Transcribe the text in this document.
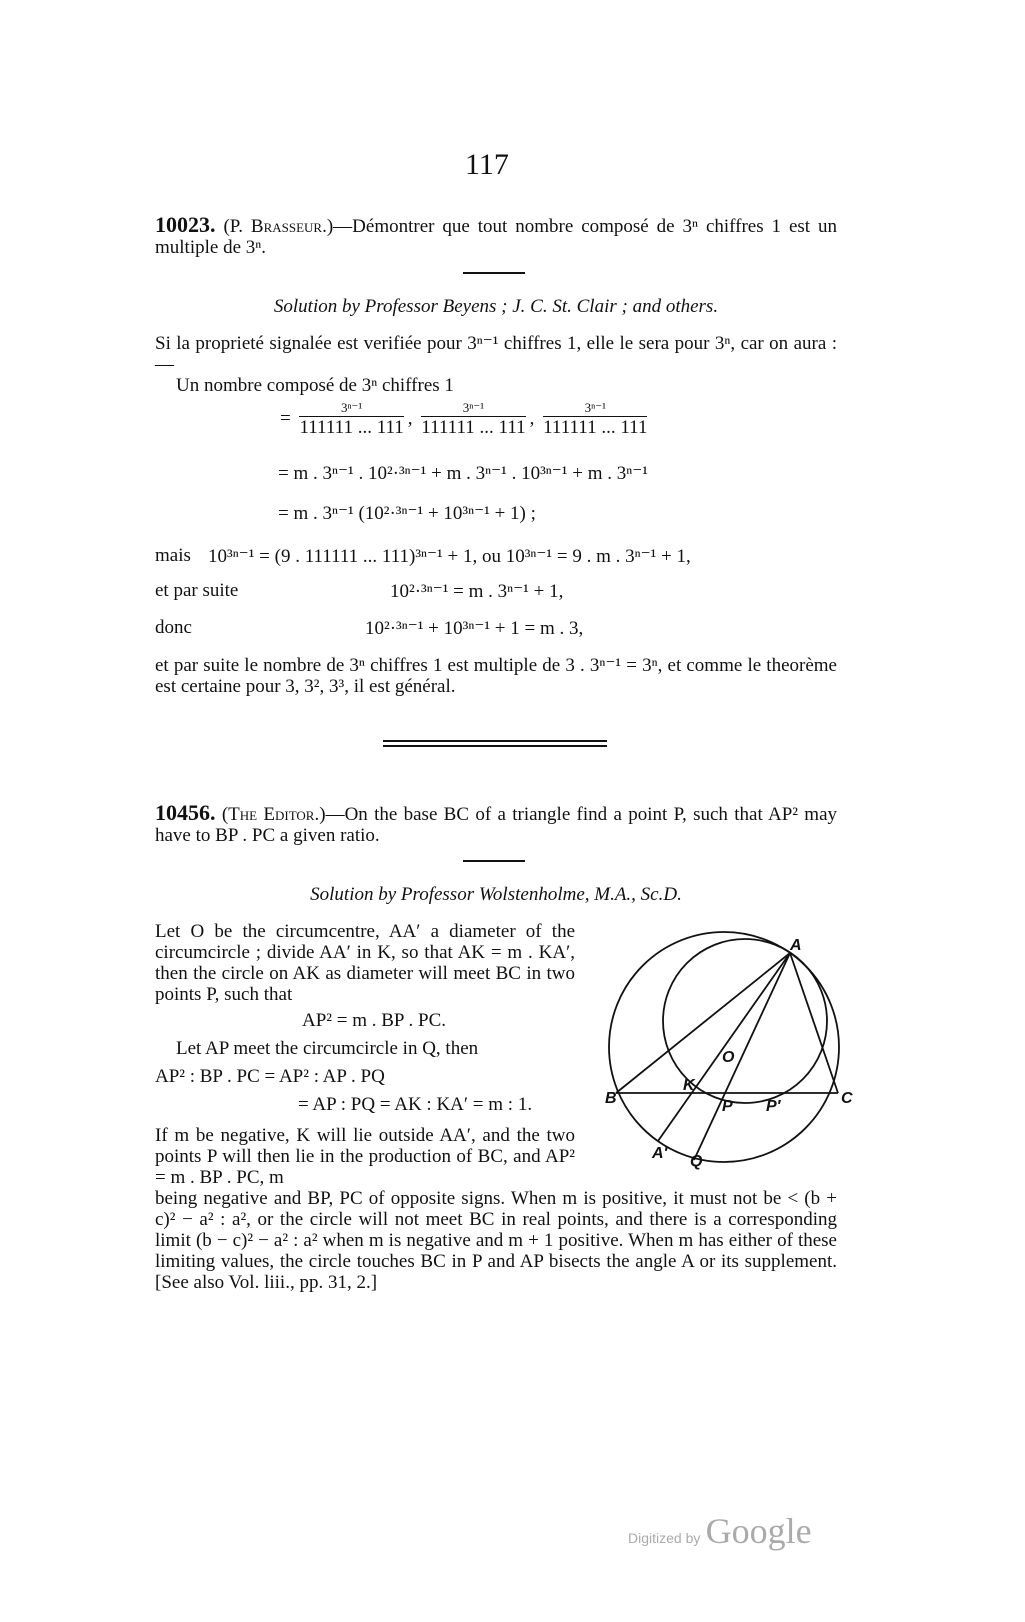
117
10023. (P. Brasseur.)—Démontrer que tout nombre composé de 3ⁿ chiffres 1 est un multiple de 3ⁿ.
Solution by Professor Beyens ; J. C. St. Clair ; and others.
Si la proprieté signalée est verifiée pour 3ⁿ⁻¹ chiffres 1, elle le sera pour 3ⁿ, car on aura :—
Un nombre composé de 3ⁿ chiffres 1
= $\frac{\text{3ⁿ⁻¹}}{111111 ... 111}$ , $\frac{\text{3ⁿ⁻¹}}{111111 ... 111}$ , $\frac{\text{3ⁿ⁻¹}}{111111 ... 111}$
= m . 3ⁿ⁻¹ . 10²·³ⁿ⁻¹ + m . 3ⁿ⁻¹ . 10³ⁿ⁻¹ + m . 3ⁿ⁻¹
= m . 3ⁿ⁻¹ (10²·³ⁿ⁻¹ + 10³ⁿ⁻¹ + 1) ;
mais 10³ⁿ⁻¹ = (9 . 111111 ... 111)³ⁿ⁻¹ + 1, ou 10³ⁿ⁻¹ = 9 . m . 3ⁿ⁻¹ + 1,
et par suite	10²·³ⁿ⁻¹ = m . 3ⁿ⁻¹ + 1,
donc	10²·³ⁿ⁻¹ + 10³ⁿ⁻¹ + 1 = m . 3,
et par suite le nombre de 3ⁿ chiffres 1 est multiple de 3 . 3ⁿ⁻¹ = 3ⁿ, et comme le theorème est certaine pour 3, 3², 3³, il est général.
10456. (The Editor.)—On the base BC of a triangle find a point P, such that AP² may have to BP . PC a given ratio.
Solution by Professor Wolstenholme, M.A., Sc.D.
Let O be the circumcentre, AA′ a diameter of the circumcircle ; divide AA′ in K, so that AK = m . KA′, then the circle on AK as diameter will meet BC in two points P, such that
AP² = m . BP . PC.
Let AP meet the circumcircle in Q, then
AP² : BP . PC = AP² : AP . PQ
= AP : PQ = AK : KA′ = m : 1.
If m be negative, K will lie outside AA′, and the two points P will then lie in the production of BC, and AP² = m . BP . PC, m
being negative and BP, PC of opposite signs. When m is positive, it must not be < (b + c)² − a² : a², or the circle will not meet BC in real points, and there is a corresponding limit (b − c)² − a² : a² when m is negative and m + 1 positive. When m has either of these limiting values, the circle touches BC in P and AP bisects the angle A or its supplement. [See also Vol. liii., pp. 31, 2.]
A
B	C
O
K
P P′
A′ Q
Digitized by Google
